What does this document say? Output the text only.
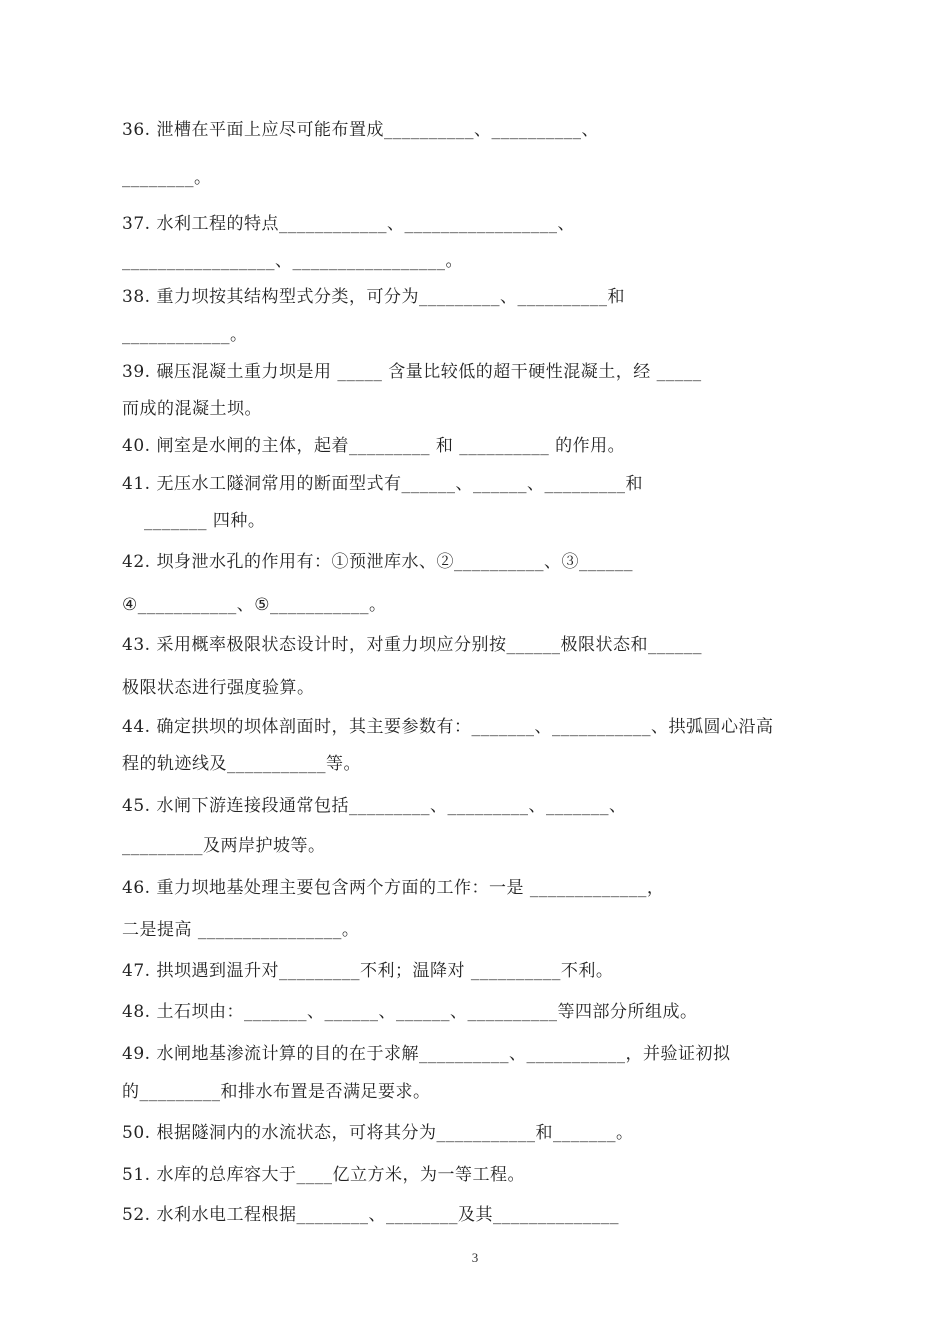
36. 泄槽在平面上应尽可能布置成__________、__________、
________。
37. 水利工程的特点____________、_________________、
_________________、_________________。
38. 重力坝按其结构型式分类，可分为_________、__________和
____________。
39. 碾压混凝土重力坝是用 _____ 含量比较低的超干硬性混凝土，经 _____
而成的混凝土坝。
40. 闸室是水闸的主体，起着_________ 和 __________ 的作用。
41. 无压水工隧洞常用的断面型式有______、______、_________和
_______ 四种。
42. 坝身泄水孔的作用有：①预泄库水、②__________、③______
④___________、⑤___________。
43. 采用概率极限状态设计时，对重力坝应分别按______极限状态和______
极限状态进行强度验算。
44. 确定拱坝的坝体剖面时，其主要参数有：_______、___________、拱弧圆心沿高
程的轨迹线及___________等。
45. 水闸下游连接段通常包括_________、_________、_______、
_________及两岸护坡等。
46. 重力坝地基处理主要包含两个方面的工作：一是 _____________，
二是提高 ________________。
47. 拱坝遇到温升对_________不利；温降对 __________不利。
48. 土石坝由：_______、______、______、__________等四部分所组成。
49. 水闸地基渗流计算的目的在于求解__________、___________，并验证初拟
的_________和排水布置是否满足要求。
50. 根据隧洞内的水流状态，可将其分为___________和_______。
51. 水库的总库容大于____亿立方米，为一等工程。
52. 水利水电工程根据________、________及其______________
3
